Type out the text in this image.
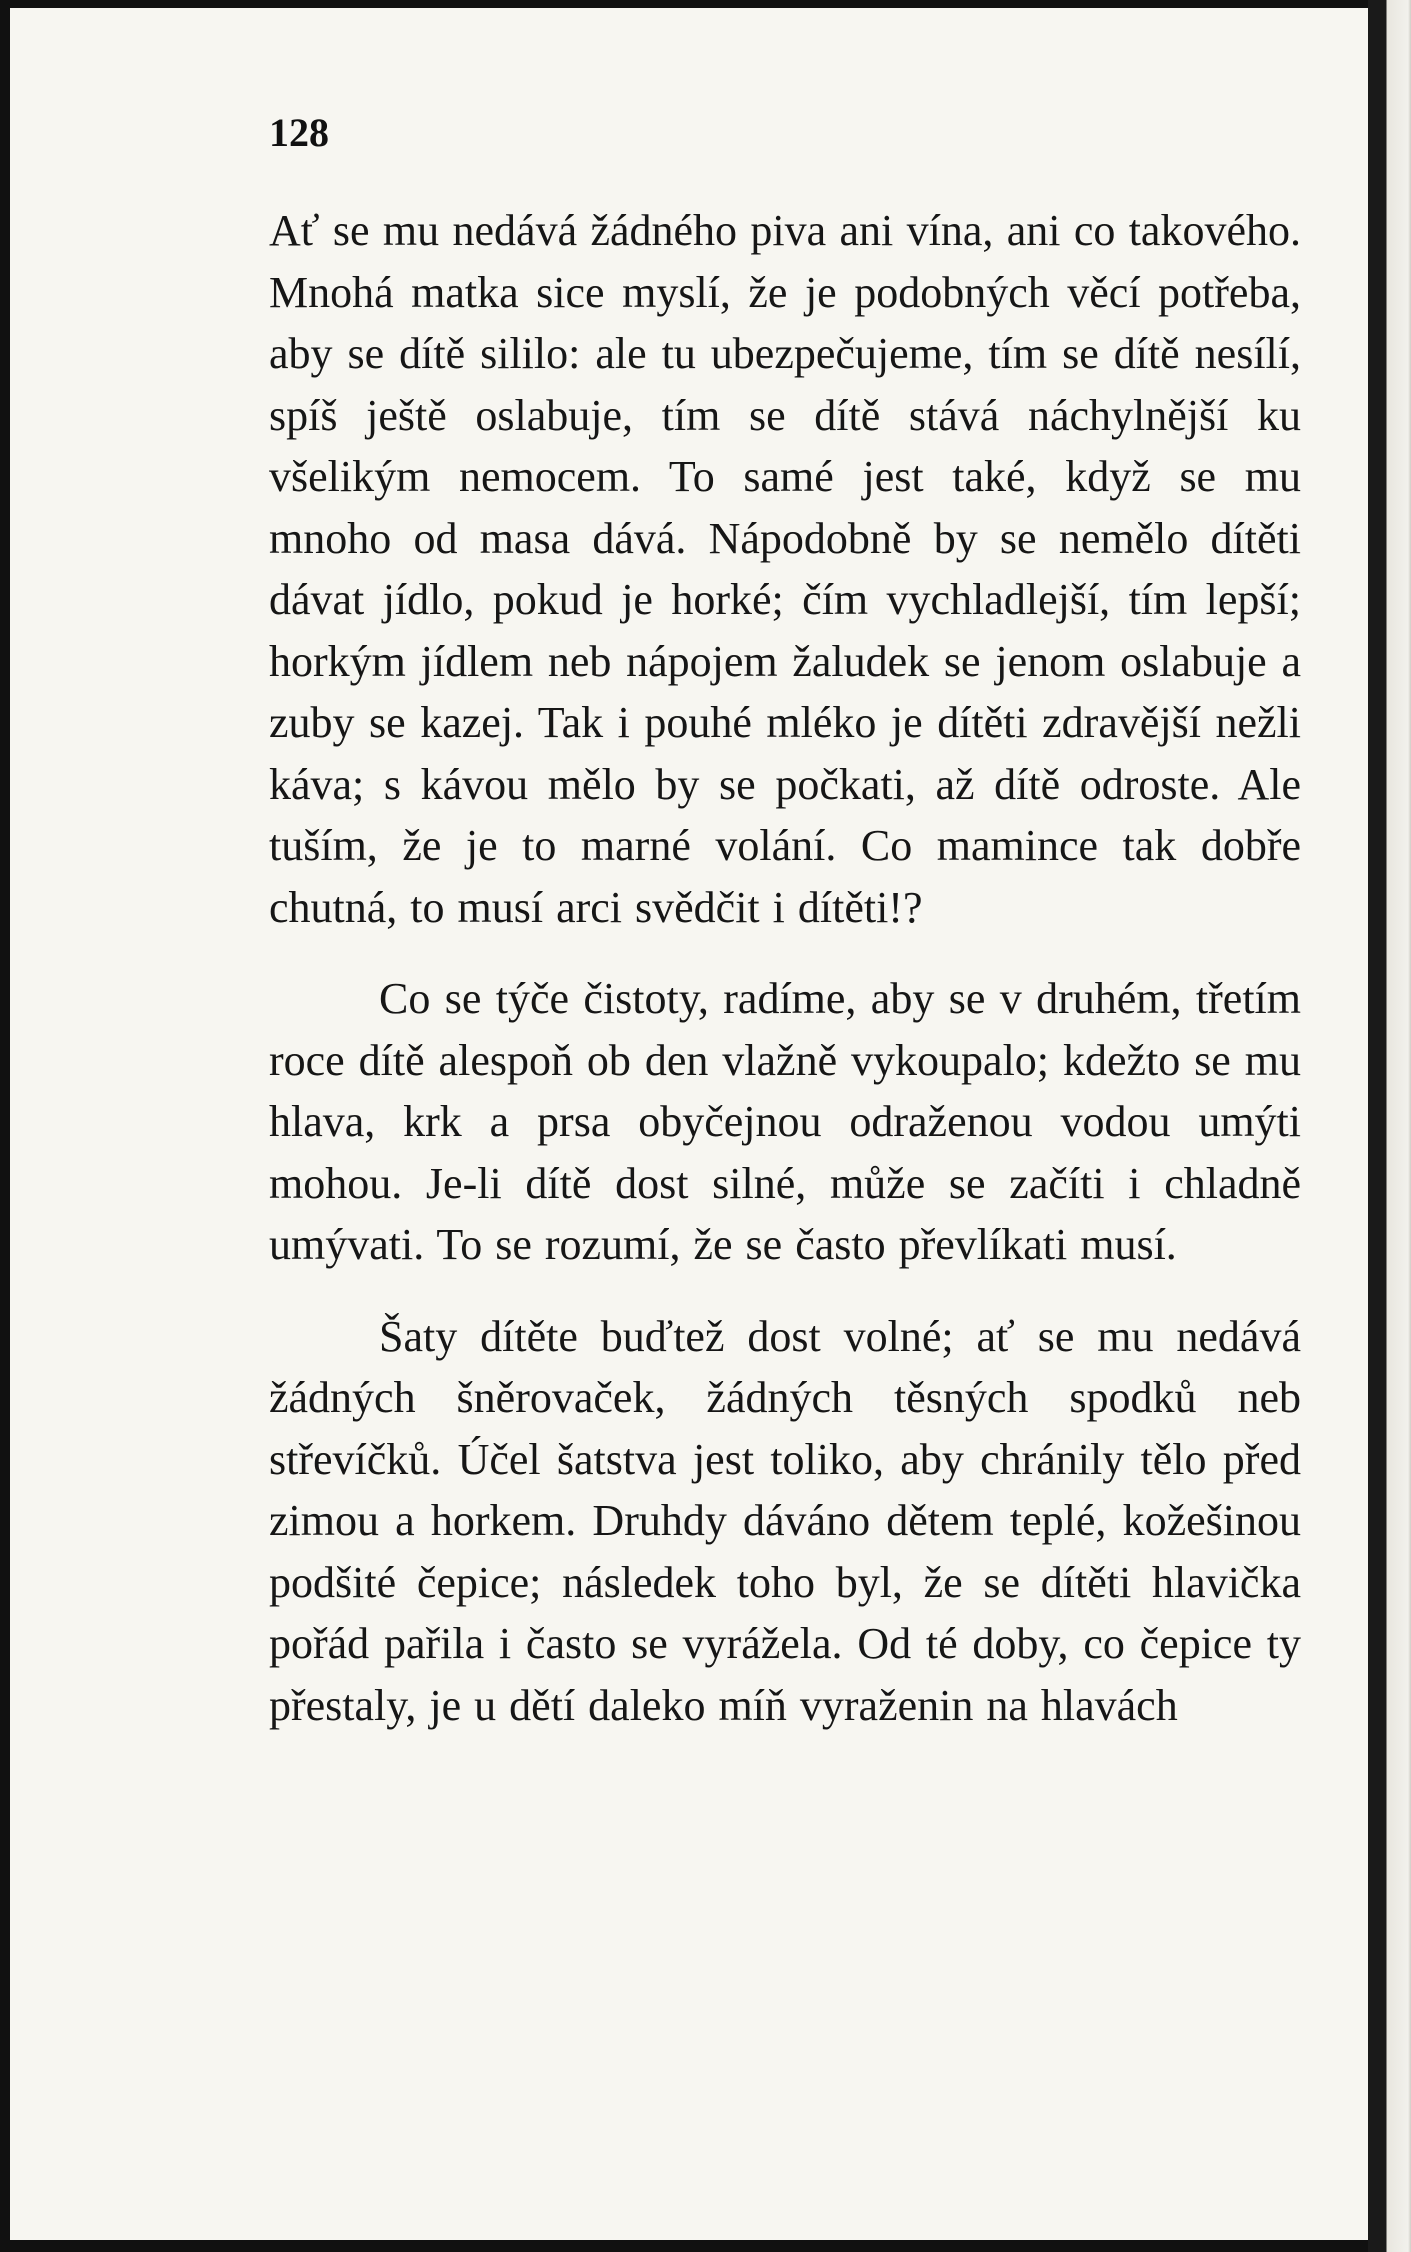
128

Ať se mu nedává žádného piva ani vína, ani co takového. Mnohá matka sice myslí, že je podobných věcí potřeba, aby se dítě sililo: ale tu ubezpečujeme, tím se dítě nesílí, spíš ještě oslabuje, tím se dítě stává náchylnější ku všelikým nemocem. To samé jest také, když se mu mnoho od masa dává. Nápodobně by se nemělo dítěti dávat jídlo, pokud je horké; čím vychladlejší, tím lepší; horkým jídlem neb nápojem žaludek se jenom oslabuje a zuby se kazej. Tak i pouhé mléko je dítěti zdravější nežli káva; s kávou mělo by se počkati, až dítě odroste. Ale tuším, že je to marné volání. Co mamince tak dobře chutná, to musí arci svědčit i dítěti!?

Co se týče čistoty, radíme, aby se v druhém, třetím roce dítě alespoň ob den vlažně vykoupalo; kdežto se mu hlava, krk a prsa obyčejnou odraženou vodou umýti mohou. Je-li dítě dost silné, může se začíti i chladně umývati. To se rozumí, že se často převlíkati musí.

Šaty dítěte buďtež dost volné; ať se mu nedává žádných šněrovaček, žádných těsných spodků neb střevíčků. Účel šatstva jest toliko, aby chránily tělo před zimou a horkem. Druhdy dáváno dětem teplé, kožešinou podšité čepice; následek toho byl, že se dítěti hlavička pořád pařila i často se vyrážela. Od té doby, co čepice ty přestaly, je u dětí daleko míň vyraženin na hlavách
